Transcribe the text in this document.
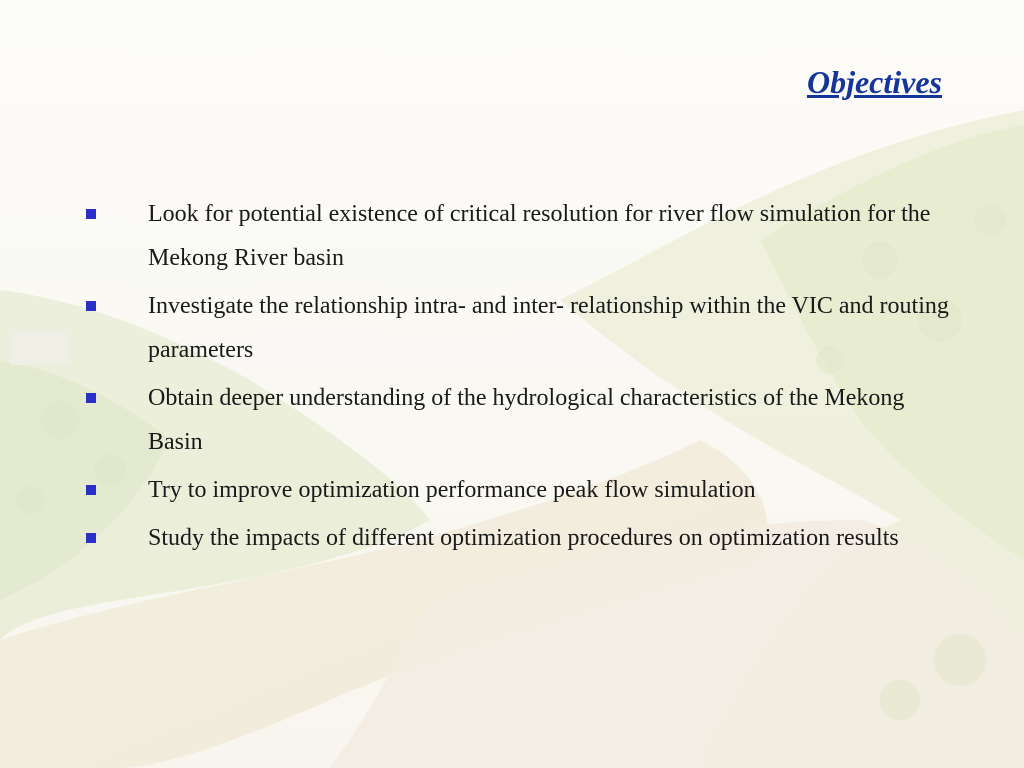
Objectives
Look for potential existence of critical resolution for river flow simulation for the Mekong River basin
Investigate the relationship intra- and inter- relationship within the VIC and routing parameters
Obtain deeper understanding of the hydrological characteristics of the Mekong Basin
Try to improve optimization performance peak flow simulation
Study the impacts of different optimization procedures on optimization results
